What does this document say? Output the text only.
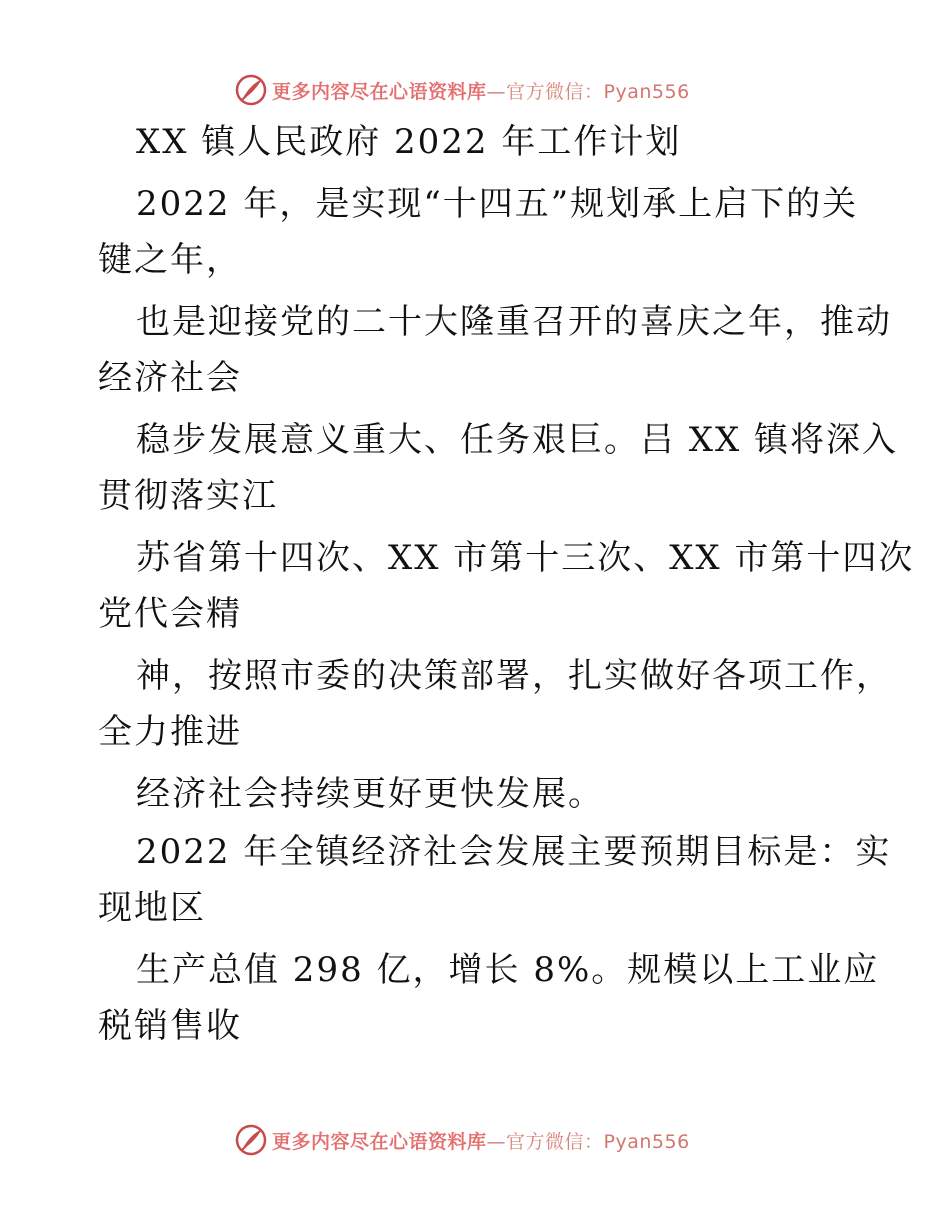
更多内容尽在心语资料库—官方微信：Pyan556
XX 镇人民政府 2022 年工作计划
2022 年，是实现“十四五”规划承上启下的关
键之年，
也是迎接党的二十大隆重召开的喜庆之年，推动
经济社会
稳步发展意义重大、任务艰巨。吕 XX 镇将深入
贯彻落实江
苏省第十四次、XX 市第十三次、XX 市第十四次
党代会精
神，按照市委的决策部署，扎实做好各项工作，
全力推进
经济社会持续更好更快发展。
2022 年全镇经济社会发展主要预期目标是：实
现地区
生产总值 298 亿，增长 8%。规模以上工业应
税销售收
更多内容尽在心语资料库—官方微信：Pyan556
